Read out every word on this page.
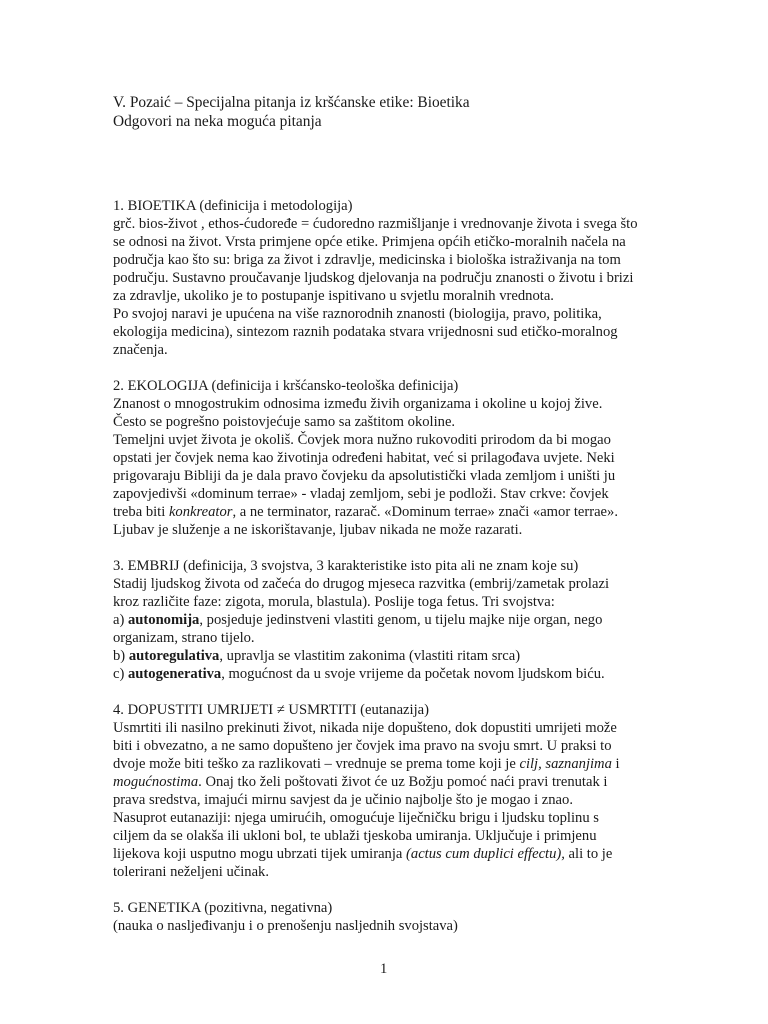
V. Pozaić – Specijalna pitanja iz kršćanske etike: Bioetika
Odgovori na neka moguća pitanja
1. BIOETIKA (definicija i metodologija)
grč. bios-život , ethos-ćudoređe = ćudoredno razmišljanje i vrednovanje života i svega što
se odnosi na život. Vrsta primjene opće etike. Primjena općih etičko-moralnih načela na
područja kao što su: briga za život i zdravlje, medicinska i biološka istraživanja na tom
području. Sustavno proučavanje ljudskog djelovanja na području znanosti o životu i brizi
za zdravlje, ukoliko je to postupanje ispitivano u svjetlu moralnih vrednota.
Po svojoj naravi je upućena na više raznorodnih znanosti (biologija, pravo, politika,
ekologija medicina), sintezom raznih podataka stvara vrijednosni sud etičko-moralnog
značenja.
2. EKOLOGIJA (definicija i kršćansko-teološka definicija)
Znanost o mnogostrukim odnosima između živih organizama i okoline u kojoj žive.
Često se pogrešno poistovjećuje samo sa zaštitom okoline.
Temeljni uvjet života je okoliš. Čovjek mora nužno rukovoditi prirodom da bi mogao
opstati jer čovjek nema kao životinja određeni habitat, već si prilagođava uvjete. Neki
prigovaraju Bibliji da je dala pravo čovjeku da apsolutistički vlada zemljom i uništi ju
zapovjedivši «dominum terrae» - vladaj zemljom, sebi je podloži. Stav crkve: čovjek
treba biti konkreator, a ne terminator, razarač. «Dominum terrae» znači «amor terrae».
Ljubav je služenje a ne iskorištavanje, ljubav nikada ne može razarati.
3. EMBRIJ (definicija, 3 svojstva, 3 karakteristike isto pita ali ne znam koje su)
Stadij ljudskog života od začeća do drugog mjeseca razvitka (embrij/zametak prolazi
kroz različite faze: zigota, morula, blastula). Poslije toga fetus. Tri svojstva:
a) autonomija, posjeduje jedinstveni vlastiti genom, u tijelu majke nije organ, nego
organizam, strano tijelo.
b) autoregulativa, upravlja se vlastitim zakonima (vlastiti ritam srca)
c) autogenerativa, mogućnost da u svoje vrijeme da početak novom ljudskom biću.
4. DOPUSTITI UMRIJETI ≠ USMRTITI (eutanazija)
Usmrtiti ili nasilno prekinuti život, nikada nije dopušteno, dok dopustiti umrijeti može
biti i obvezatno, a ne samo dopušteno jer čovjek ima pravo na svoju smrt. U praksi to
dvoje može biti teško za razlikovati – vrednuje se prema tome koji je cilj, saznanjima i
mogućnostima. Onaj tko želi poštovati život će uz Božju pomoć naći pravi trenutak i
prava sredstva, imajući mirnu savjest da je učinio najbolje što je mogao i znao.
Nasuprot eutanaziji: njega umirućih, omogućuje liječničku brigu i ljudsku toplinu s
ciljem da se olakša ili ukloni bol, te ublaži tjeskoba umiranja. Uključuje i primjenu
lijekova koji usputno mogu ubrzati tijek umiranja (actus cum duplici effectu), ali to je
tolerirani neželjeni učinak.
5. GENETIKA (pozitivna, negativna)
(nauka o nasljeđivanju i o prenošenju nasljednih svojstava)
1
